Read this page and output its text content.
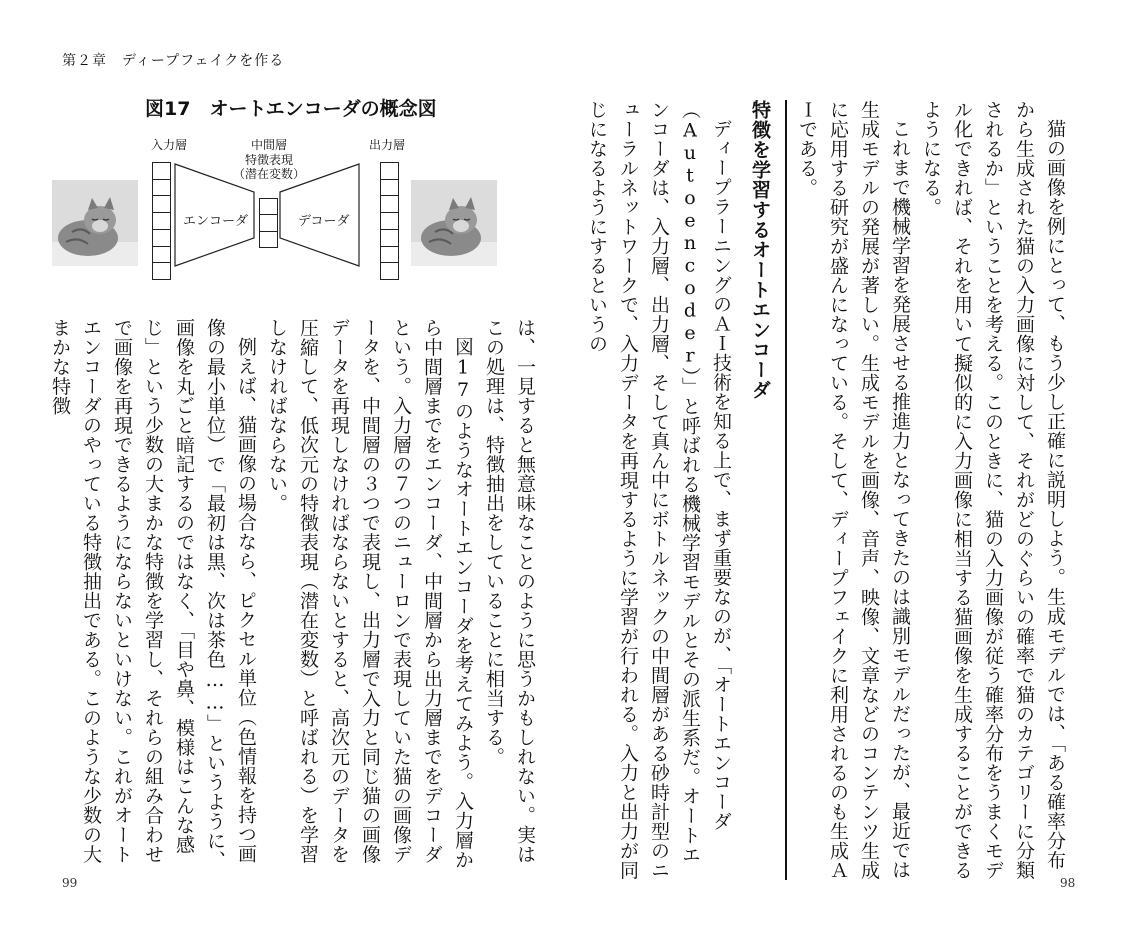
第２章　ディープフェイクを作る
図17　オートエンコーダの概念図
入力層	中間層
特徴表現
（潜在変数）
出力層
エンコーダ	デコーダ	猫の画像を例にとって、もう少し正確に説明しよう。生成モデルでは、「ある確率分布から生成された猫の入力画像に対して、それがどのぐらいの確率で猫のカテゴリーに分類されるか」ということを考える。このときに、猫の入力画像が従う確率分布をうまくモデル化できれば、それを用いて擬似的に入力画像に相当する猫画像を生成することができるようになる。

これまで機械学習を発展させる推進力となってきたのは識別モデルだったが、最近では生成モデルの発展が著しい。生成モデルを画像、音声、映像、文章などのコンテンツ生成に応用する研究が盛んになっている。そして、ディープフェイクに利用されるのも生成ＡＩである。

特徴を学習するオートエンコーダ

ディープラーニングのＡＩ技術を知る上で、まず重要なのが、「オートエンコーダ（Autoencoder）」と呼ばれる機械学習モデルとその派生系だ。オートエンコーダは、入力層、出力層、そして真ん中にボトルネックの中間層がある砂時計型のニューラルネットワークで、入力データを再現するように学習が行われる。入力と出力が同じになるようにするというの

は、一見すると無意味なことのように思うかもしれない。実はこの処理は、特徴抽出をしていることに相当する。

図17のようなオートエンコーダを考えてみよう。入力層から中間層までをエンコーダ、中間層から出力層までをデコーダという。入力層の７つのニューロンで表現していた猫の画像データを、中間層の３つで表現し、出力層で入力と同じ猫の画像データを再現しなければならないとすると、高次元のデータを圧縮して、低次元の特徴表現（潜在変数）と呼ばれる）を学習しなければならない。

例えば、猫画像の場合なら、ピクセル単位（色情報を持つ画像の最小単位）で「最初は黒、次は茶色……」というように、画像を丸ごと暗記するのではなく、「目や鼻、模様はこんな感じ」という少数の大まかな特徴を学習し、それらの組み合わせで画像を再現できるようにならないといけない。これがオートエンコーダのやっている特徴抽出である。このような少数の大まかな特徴

99	98
